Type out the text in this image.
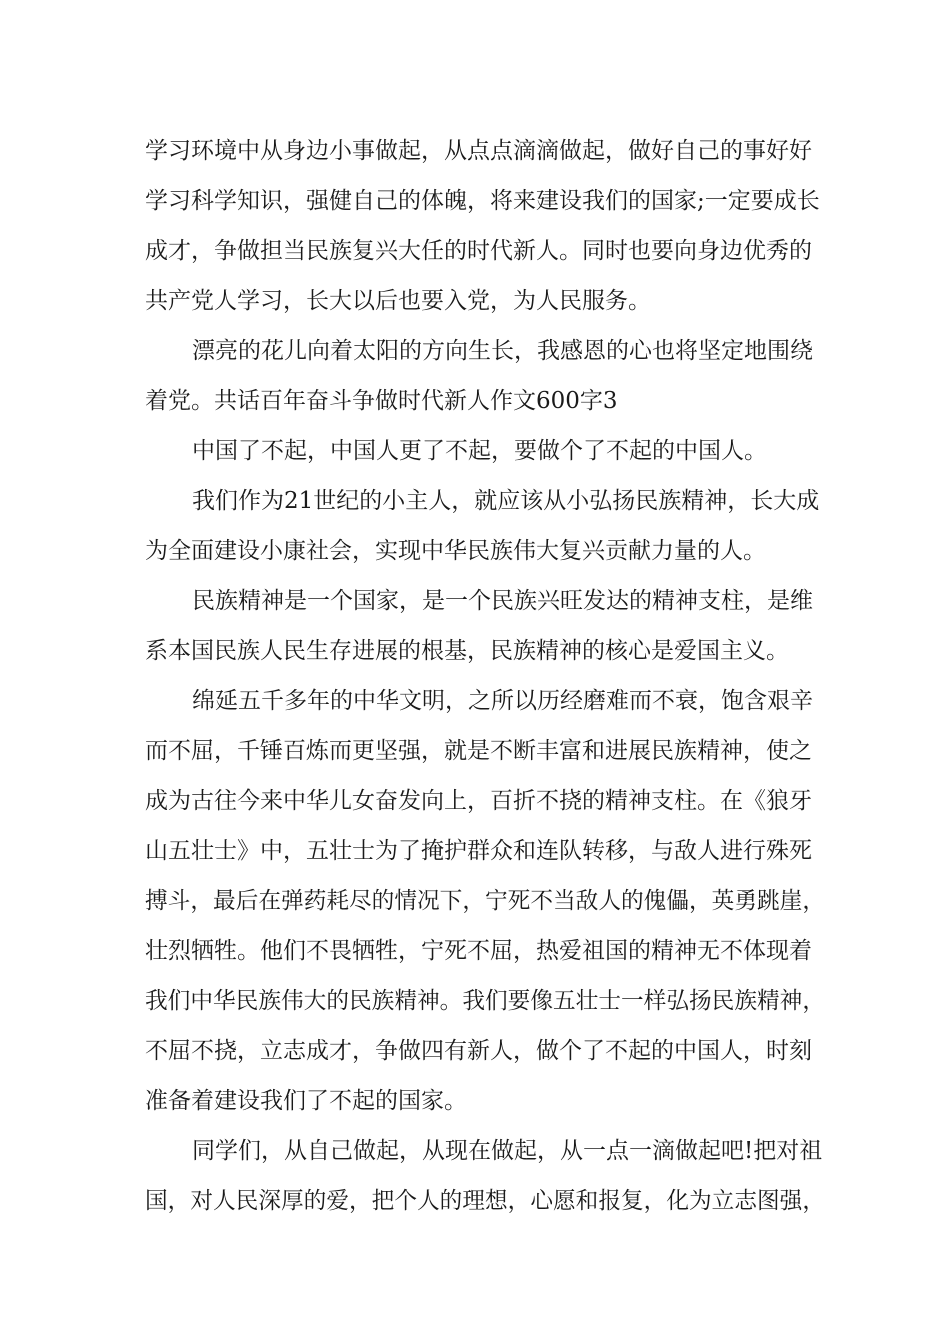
学习环境中从身边小事做起，从点点滴滴做起，做好自己的事好好
学习科学知识，强健自己的体魄，将来建设我们的国家;一定要成长
成才，争做担当民族复兴大任的时代新人。同时也要向身边优秀的
共产党人学习，长大以后也要入党，为人民服务。
漂亮的花儿向着太阳的方向生长，我感恩的心也将坚定地围绕
着党。共话百年奋斗争做时代新人作文600字3
中国了不起，中国人更了不起，要做个了不起的中国人。
我们作为21世纪的小主人，就应该从小弘扬民族精神，长大成
为全面建设小康社会，实现中华民族伟大复兴贡献力量的人。
民族精神是一个国家，是一个民族兴旺发达的精神支柱，是维
系本国民族人民生存进展的根基，民族精神的核心是爱国主义。
绵延五千多年的中华文明，之所以历经磨难而不衰，饱含艰辛
而不屈，千锤百炼而更坚强，就是不断丰富和进展民族精神，使之
成为古往今来中华儿女奋发向上，百折不挠的精神支柱。在《狼牙
山五壮士》中，五壮士为了掩护群众和连队转移，与敌人进行殊死
搏斗，最后在弹药耗尽的情况下，宁死不当敌人的傀儡，英勇跳崖，
壮烈牺牲。他们不畏牺牲，宁死不屈，热爱祖国的精神无不体现着
我们中华民族伟大的民族精神。我们要像五壮士一样弘扬民族精神，
不屈不挠，立志成才，争做四有新人，做个了不起的中国人，时刻
准备着建设我们了不起的国家。
同学们，从自己做起，从现在做起，从一点一滴做起吧!把对祖
国，对人民深厚的爱，把个人的理想，心愿和报复，化为立志图强，
